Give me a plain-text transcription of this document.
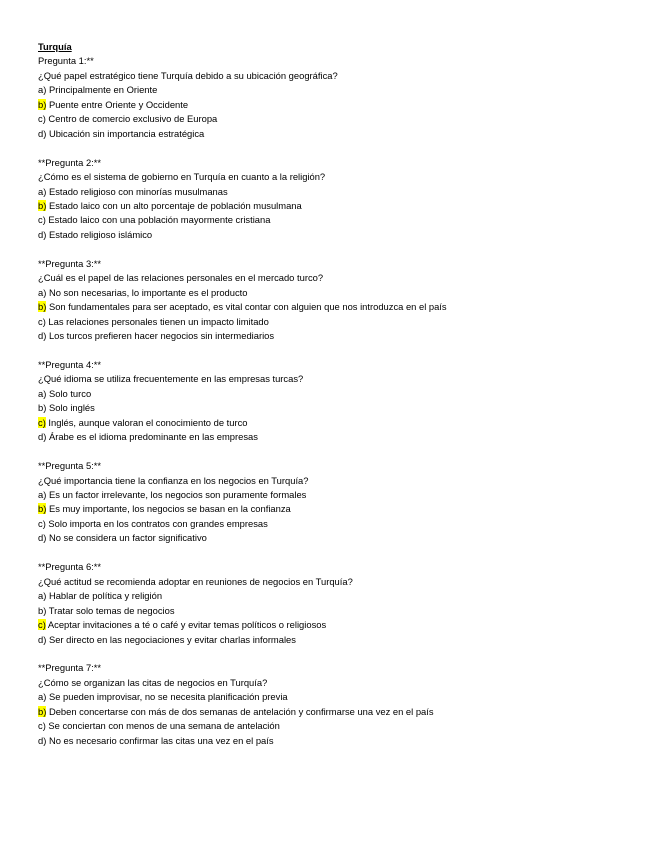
Turquía
Pregunta 1:**
¿Qué papel estratégico tiene Turquía debido a su ubicación geográfica?
a) Principalmente en Oriente
b) Puente entre Oriente y Occidente
c) Centro de comercio exclusivo de Europa
d) Ubicación sin importancia estratégica
**Pregunta 2:**
¿Cómo es el sistema de gobierno en Turquía en cuanto a la religión?
a) Estado religioso con minorías musulmanas
b) Estado laico con un alto porcentaje de población musulmana
c) Estado laico con una población mayormente cristiana
d) Estado religioso islámico
**Pregunta 3:**
¿Cuál es el papel de las relaciones personales en el mercado turco?
a) No son necesarias, lo importante es el producto
b) Son fundamentales para ser aceptado, es vital contar con alguien que nos introduzca en el país
c) Las relaciones personales tienen un impacto limitado
d) Los turcos prefieren hacer negocios sin intermediarios
**Pregunta 4:**
¿Qué idioma se utiliza frecuentemente en las empresas turcas?
a) Solo turco
b) Solo inglés
c) Inglés, aunque valoran el conocimiento de turco
d) Árabe es el idioma predominante en las empresas
**Pregunta 5:**
¿Qué importancia tiene la confianza en los negocios en Turquía?
a) Es un factor irrelevante, los negocios son puramente formales
b) Es muy importante, los negocios se basan en la confianza
c) Solo importa en los contratos con grandes empresas
d) No se considera un factor significativo
**Pregunta 6:**
¿Qué actitud se recomienda adoptar en reuniones de negocios en Turquía?
a) Hablar de política y religión
b) Tratar solo temas de negocios
c) Aceptar invitaciones a té o café y evitar temas políticos o religiosos
d) Ser directo en las negociaciones y evitar charlas informales
**Pregunta 7:**
¿Cómo se organizan las citas de negocios en Turquía?
a) Se pueden improvisar, no se necesita planificación previa
b) Deben concertarse con más de dos semanas de antelación y confirmarse una vez en el país
c) Se conciertan con menos de una semana de antelación
d) No es necesario confirmar las citas una vez en el país
